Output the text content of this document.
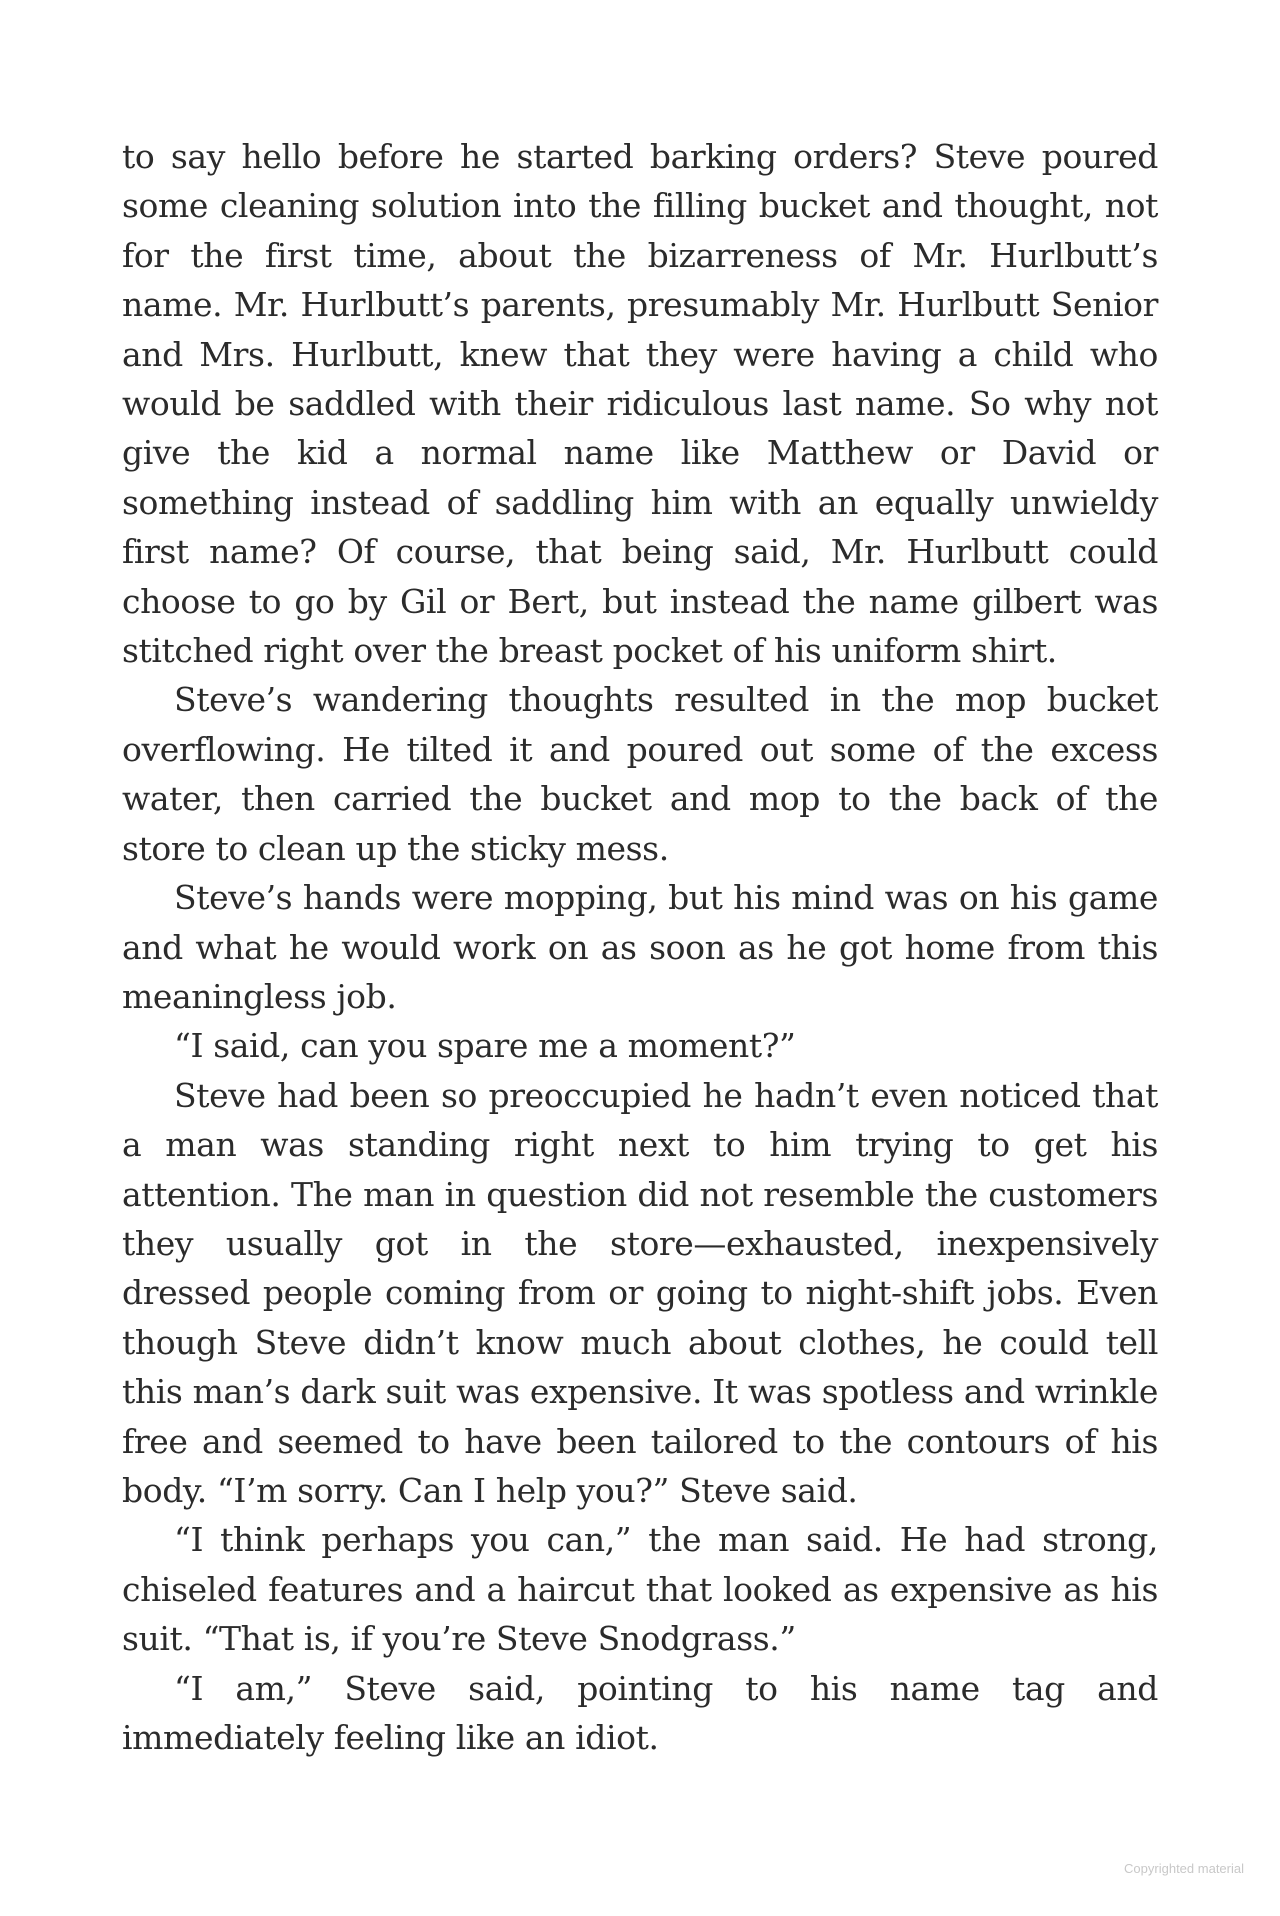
to say hello before he started barking orders? Steve poured some cleaning solution into the filling bucket and thought, not for the first time, about the bizarreness of Mr. Hurlbutt’s name. Mr. Hurlbutt’s parents, presumably Mr. Hurlbutt Senior and Mrs. Hurlbutt, knew that they were having a child who would be saddled with their ridiculous last name. So why not give the kid a normal name like Matthew or David or something instead of saddling him with an equally unwieldy first name? Of course, that being said, Mr. Hurlbutt could choose to go by Gil or Bert, but instead the name gilbert was stitched right over the breast pocket of his uniform shirt.

Steve’s wandering thoughts resulted in the mop bucket overflowing. He tilted it and poured out some of the excess water, then carried the bucket and mop to the back of the store to clean up the sticky mess.

Steve’s hands were mopping, but his mind was on his game and what he would work on as soon as he got home from this meaningless job.

“I said, can you spare me a moment?”

Steve had been so preoccupied he hadn’t even noticed that a man was standing right next to him trying to get his attention. The man in question did not resemble the customers they usually got in the store—exhausted, inexpensively dressed people coming from or going to night-shift jobs. Even though Steve didn’t know much about clothes, he could tell this man’s dark suit was expensive. It was spotless and wrinkle free and seemed to have been tailored to the contours of his body. “I’m sorry. Can I help you?” Steve said.

“I think perhaps you can,” the man said. He had strong, chiseled features and a haircut that looked as expensive as his suit. “That is, if you’re Steve Snodgrass.”

“I am,” Steve said, pointing to his name tag and immediately feeling like an idiot.

Copyrighted material
